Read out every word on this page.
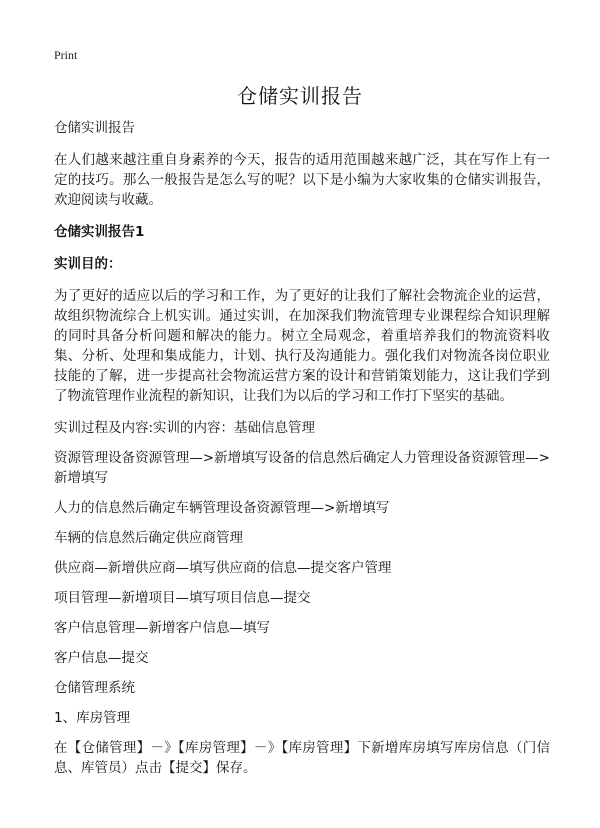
Print
仓储实训报告

仓储实训报告

在人们越来越注重自身素养的今天，报告的适用范围越来越广泛，其在写作上有一定的技巧。那么一般报告是怎么写的呢？以下是小编为大家收集的仓储实训报告，欢迎阅读与收藏。

仓储实训报告1

实训目的：

为了更好的适应以后的学习和工作，为了更好的让我们了解社会物流企业的运营，故组织物流综合上机实训。通过实训，在加深我们物流管理专业课程综合知识理解的同时具备分析问题和解决的能力。树立全局观念，着重培养我们的物流资料收集、分析、处理和集成能力，计划、执行及沟通能力。强化我们对物流各岗位职业技能的了解，进一步提高社会物流运营方案的设计和营销策划能力，这让我们学到了物流管理作业流程的新知识，让我们为以后的学习和工作打下坚实的基础。

实训过程及内容:实训的内容：基础信息管理

资源管理设备资源管理—>新增填写设备的信息然后确定人力管理设备资源管理—>新增填写

人力的信息然后确定车辆管理设备资源管理—>新增填写

车辆的信息然后确定供应商管理

供应商—新增供应商—填写供应商的信息—提交客户管理

项目管理—新增项目—填写项目信息—提交

客户信息管理—新增客户信息—填写

客户信息—提交

仓储管理系统

1、库房管理

在【仓储管理】－》【库房管理】－》【库房管理】下新增库房填写库房信息（门信息、库管员）点击【提交】保存。
